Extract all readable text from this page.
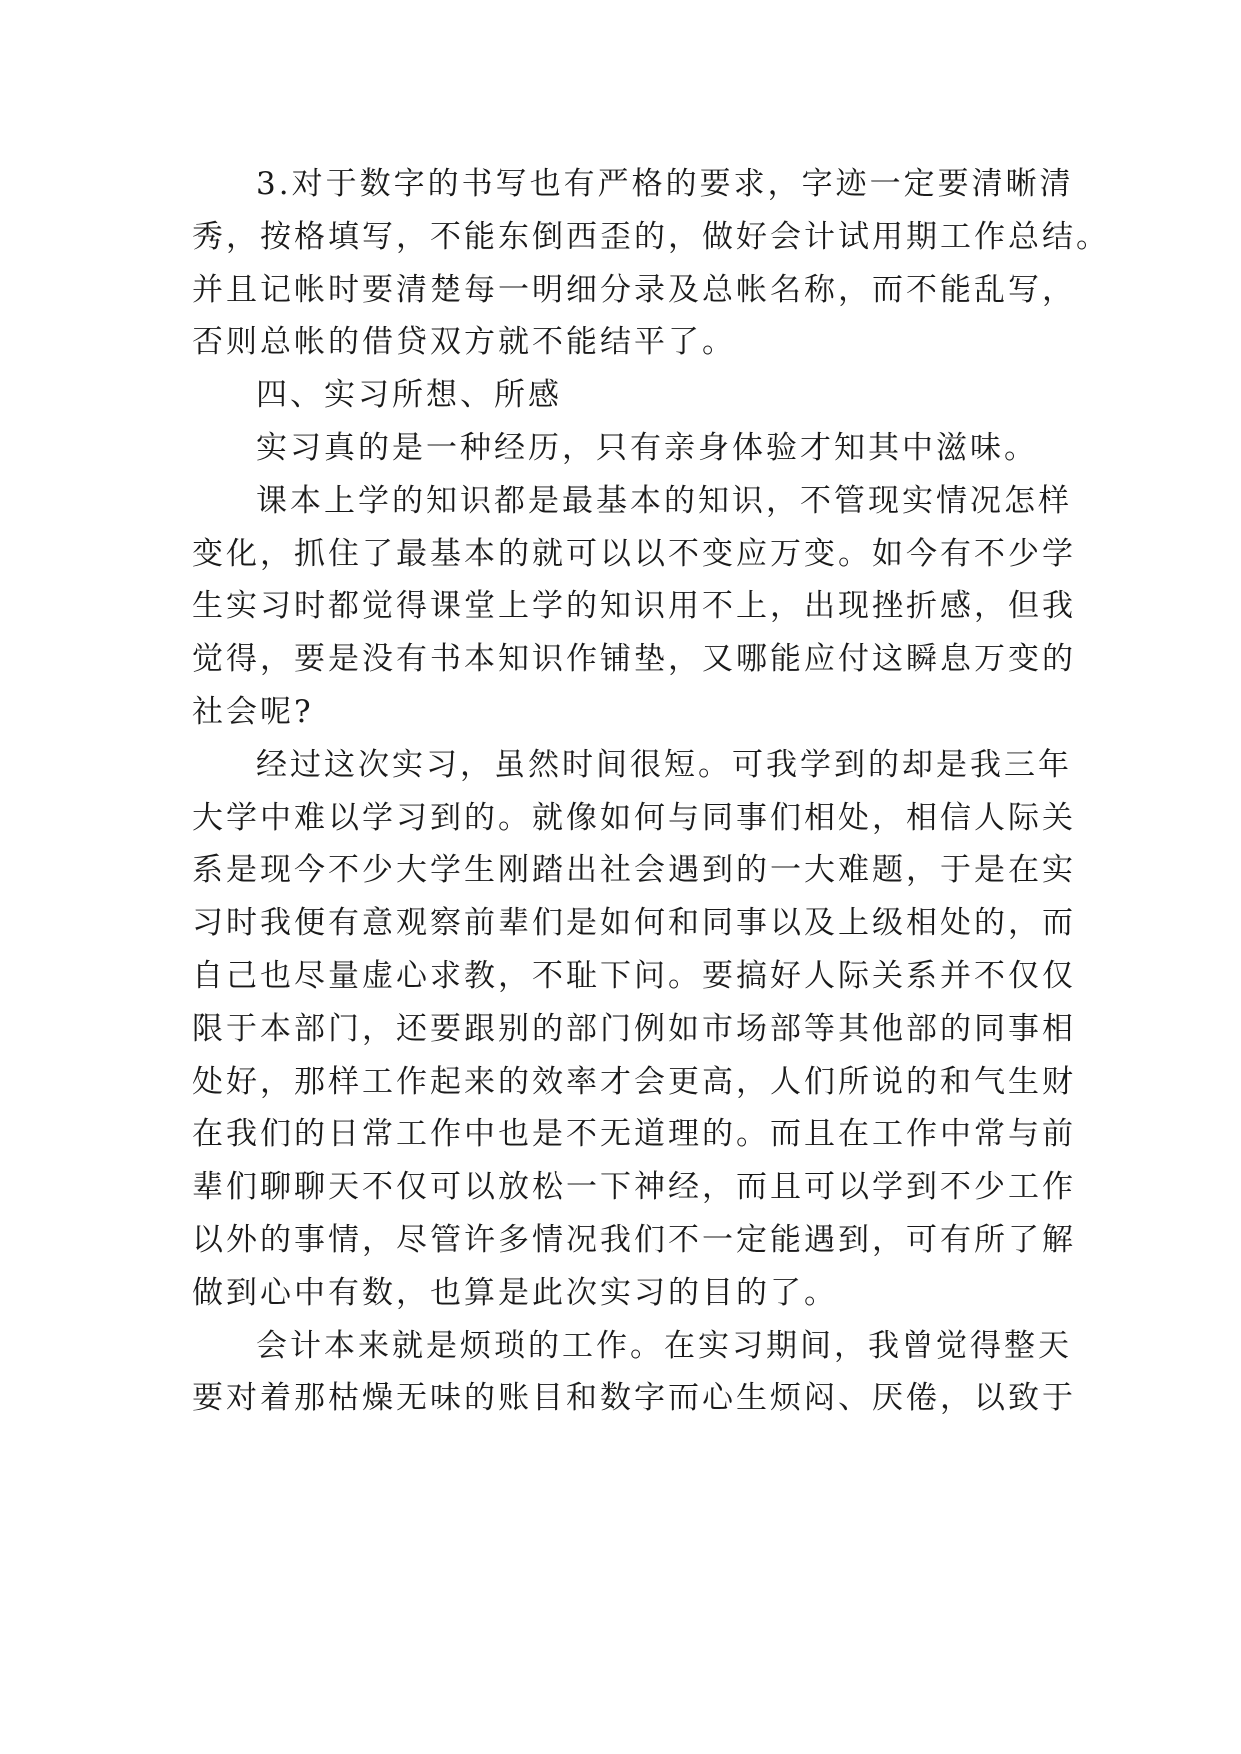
3.对于数字的书写也有严格的要求，字迹一定要清晰清
秀，按格填写，不能东倒西歪的，做好会计试用期工作总结。
并且记帐时要清楚每一明细分录及总帐名称，而不能乱写，
否则总帐的借贷双方就不能结平了。
四、实习所想、所感
实习真的是一种经历，只有亲身体验才知其中滋味。
课本上学的知识都是最基本的知识，不管现实情况怎样
变化，抓住了最基本的就可以以不变应万变。如今有不少学
生实习时都觉得课堂上学的知识用不上，出现挫折感，但我
觉得，要是没有书本知识作铺垫，又哪能应付这瞬息万变的
社会呢?
经过这次实习，虽然时间很短。可我学到的却是我三年
大学中难以学习到的。就像如何与同事们相处，相信人际关
系是现今不少大学生刚踏出社会遇到的一大难题，于是在实
习时我便有意观察前辈们是如何和同事以及上级相处的，而
自己也尽量虚心求教，不耻下问。要搞好人际关系并不仅仅
限于本部门，还要跟别的部门例如市场部等其他部的同事相
处好，那样工作起来的效率才会更高，人们所说的和气生财
在我们的日常工作中也是不无道理的。而且在工作中常与前
辈们聊聊天不仅可以放松一下神经，而且可以学到不少工作
以外的事情，尽管许多情况我们不一定能遇到，可有所了解
做到心中有数，也算是此次实习的目的了。
会计本来就是烦琐的工作。在实习期间，我曾觉得整天
要对着那枯燥无味的账目和数字而心生烦闷、厌倦，以致于
